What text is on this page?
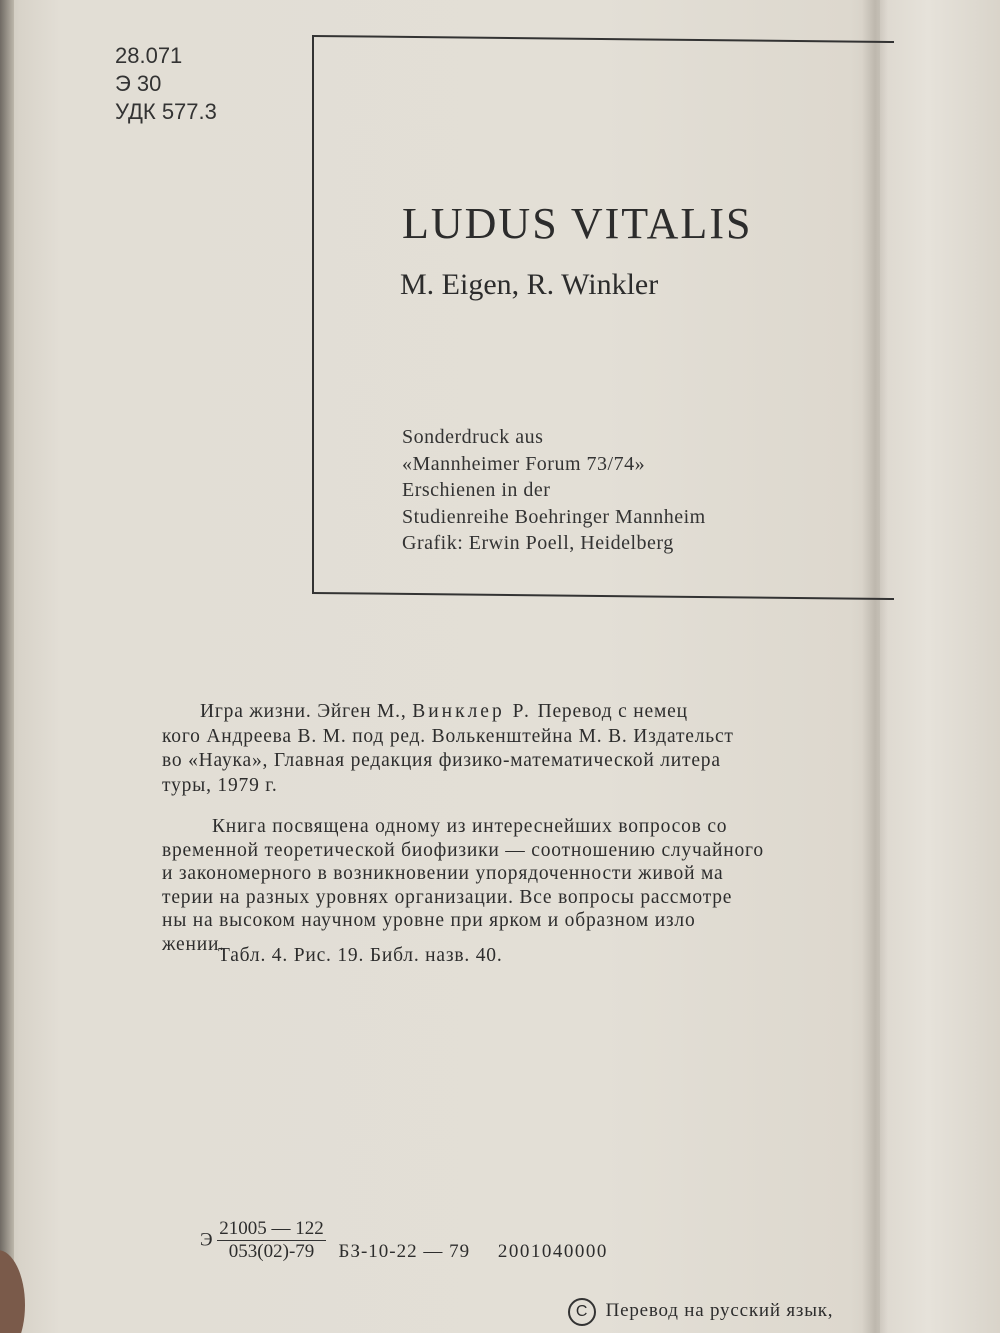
28.071
Э 30
УДК 577.3
LUDUS VITALIS
M. Eigen, R. Winkler
Sonderdruck aus
«Mannheimer Forum 73/74»
Erschienen in der
Studienreihe Boehringer Mannheim
Grafik: Erwin Poell, Heidelberg
Игра жизни. Эйген М., Винклер Р. Перевод с немец
кого Андреева В. М. под ред. Волькенштейна М. В. Издательст
во «Наука», Главная редакция физико-математической литера
туры, 1979 г.
Книга посвящена одному из интереснейших вопросов со
временной теоретической биофизики — соотношению случайного
и закономерного в возникновении упорядоченности живой ма
терии на разных уровнях организации. Все вопросы рассмотре
ны на высоком научном уровне при ярком и образном изло
жении.
Табл. 4. Рис. 19. Библ. назв. 40.
Э $\frac{21005 — 122}{053(02)-79} БЗ-10-22$ — 79 2001040000
C Перевод на русский язык,
